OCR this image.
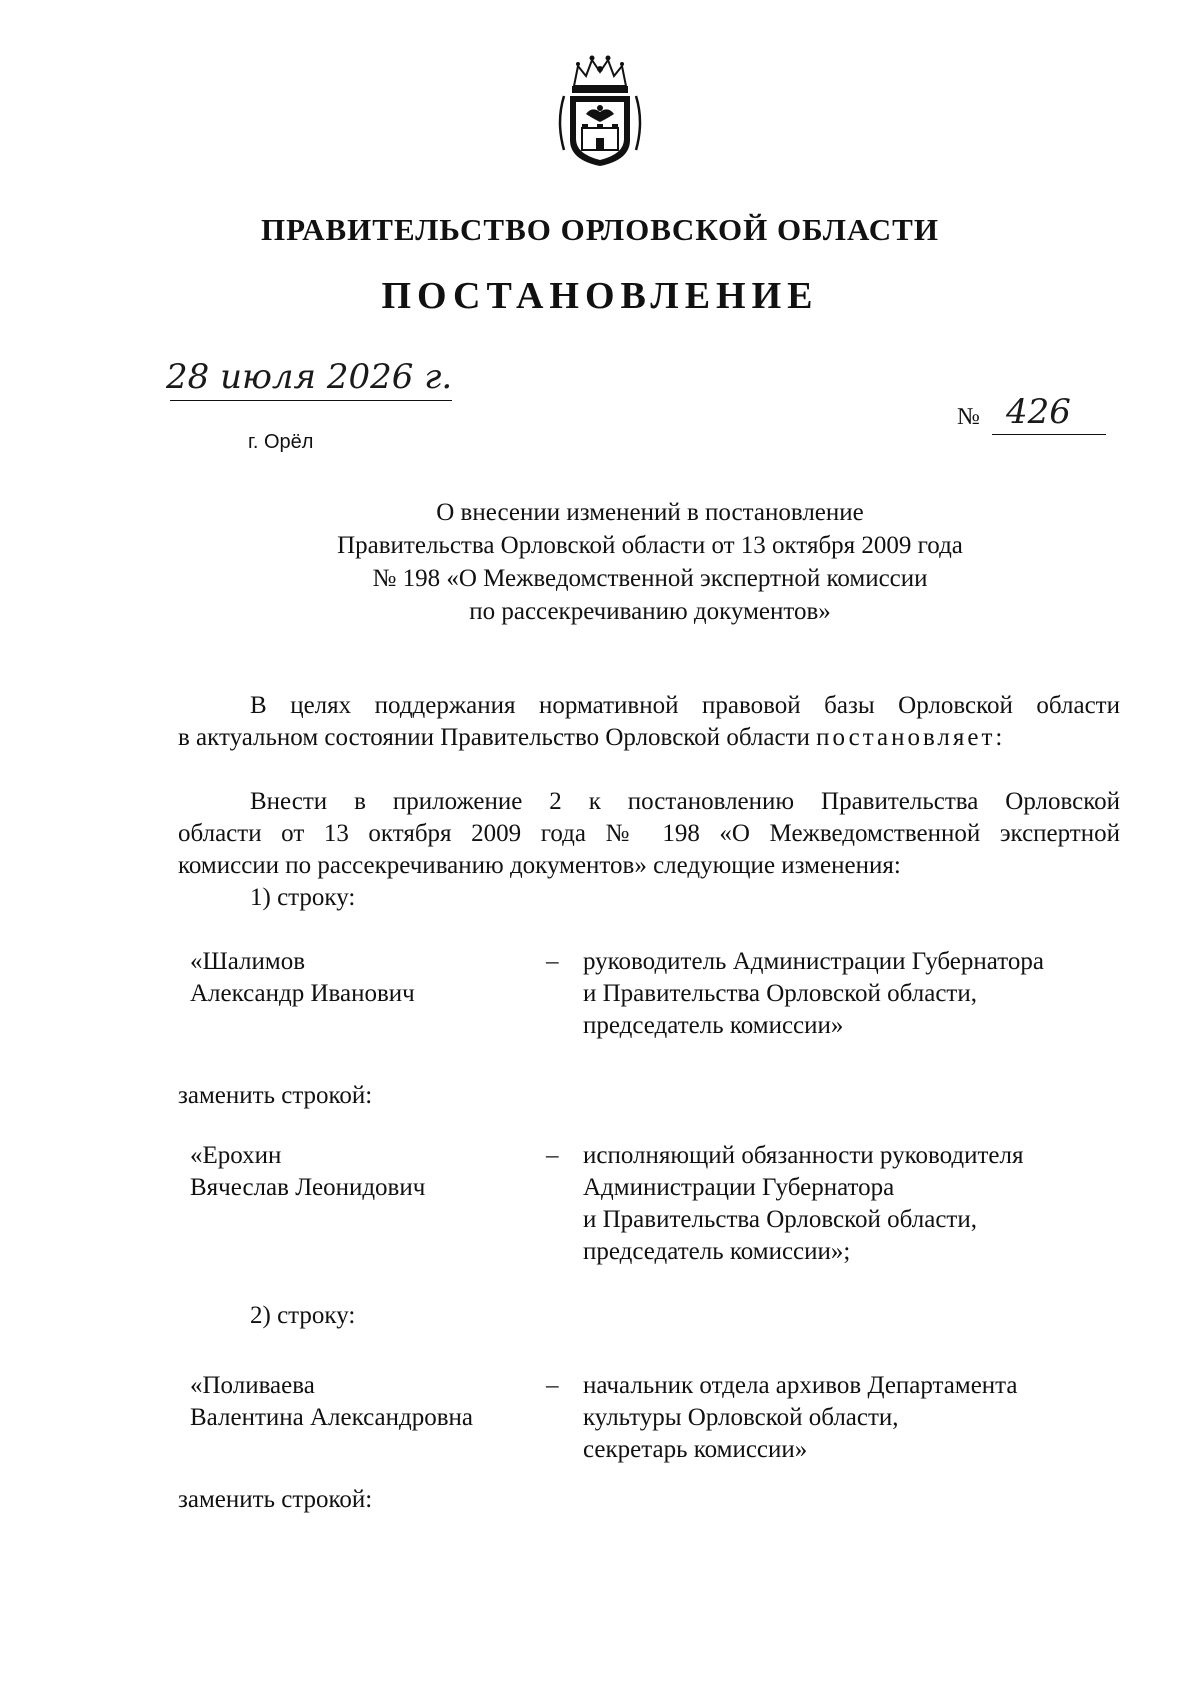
ПРАВИТЕЛЬСТВО ОРЛОВСКОЙ ОБЛАСТИ
ПОСТАНОВЛЕНИЕ
28 июля 2026 г.
г. Орёл
№ 426
О внесении изменений в постановление
Правительства Орловской области от 13 октября 2009 года
№ 198 «О Межведомственной экспертной комиссии
по рассекречиванию документов»
В целях поддержания нормативной правовой базы Орловской области
в актуальном состоянии Правительство Орловской области постановляет:
Внести в приложение 2 к постановлению Правительства Орловской
области от 13 октября 2009 года № 198 «О Межведомственной экспертной
комиссии по рассекречиванию документов» следующие изменения:
1) строку:
«Шалимов
Александр Иванович
– руководитель Администрации Губернатора
и Правительства Орловской области,
председатель комиссии»
заменить строкой:
«Ерохин
Вячеслав Леонидович
– исполняющий обязанности руководителя
Администрации Губернатора
и Правительства Орловской области,
председатель комиссии»;
2) строку:
«Поливаева
Валентина Александровна
– начальник отдела архивов Департамента
культуры Орловской области,
секретарь комиссии»
заменить строкой:
